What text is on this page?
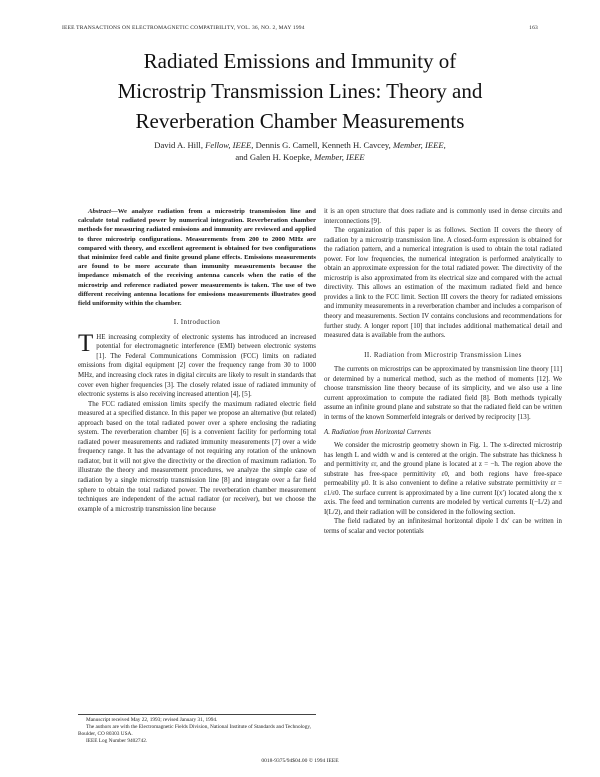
IEEE TRANSACTIONS ON ELECTROMAGNETIC COMPATIBILITY, VOL. 36, NO. 2, MAY 1994	163
Radiated Emissions and Immunity of
Microstrip Transmission Lines: Theory and
Reverberation Chamber Measurements
David A. Hill, Fellow, IEEE, Dennis G. Camell, Kenneth H. Cavcey, Member, IEEE,
and Galen H. Koepke, Member, IEEE

Abstract—We analyze radiation from a microstrip transmission line and calculate total radiated power by numerical integration. Reverberation chamber methods for measuring radiated emissions and immunity are reviewed and applied to three microstrip configurations. Measurements from 200 to 2000 MHz are compared with theory, and excellent agreement is obtained for two configurations that minimize feed cable and finite ground plane effects. Emissions measurements are found to be more accurate than immunity measurements because the impedance mismatch of the receiving antenna cancels when the ratio of the microstrip and reference radiated power measurements is taken. The use of two different receiving antenna locations for emissions measurements illustrates good field uniformity within the chamber.

I. Introduction

THE increasing complexity of electronic systems has introduced an increased potential for electromagnetic interference (EMI) between electronic systems [1]. The Federal Communications Commission (FCC) limits on radiated emissions from digital equipment [2] cover the frequency range from 30 to 1000 MHz, and increasing clock rates in digital circuits are likely to result in standards that cover even higher frequencies [3]. The closely related issue of radiated immunity of electronic systems is also receiving increased attention [4], [5].

The FCC radiated emission limits specify the maximum radiated electric field measured at a specified distance. In this paper we propose an alternative (but related) approach based on the total radiated power over a sphere enclosing the radiating system. The reverberation chamber [6] is a convenient facility for performing total radiated power measurements and radiated immunity measurements [7] over a wide frequency range. It has the advantage of not requiring any rotation of the unknown radiator, but it will not give the directivity or the direction of maximum radiation. To illustrate the theory and measurement procedures, we analyze the simple case of radiation by a single microstrip transmission line [8] and integrate over a far field sphere to obtain the total radiated power. The reverberation chamber measurement techniques are independent of the actual radiator (or receiver), but we choose the example of a microstrip transmission line because

it is an open structure that does radiate and is commonly used in dense circuits and interconnections [9].

The organization of this paper is as follows. Section II covers the theory of radiation by a microstrip transmission line. A closed-form expression is obtained for the radiation pattern, and a numerical integration is used to obtain the total radiated power. For low frequencies, the numerical integration is performed analytically to obtain an approximate expression for the total radiated power. The directivity of the microstrip is also approximated from its electrical size and compared with the actual directivity. This allows an estimation of the maximum radiated field and hence provides a link to the FCC limit. Section III covers the theory for radiated emissions and immunity measurements in a reverberation chamber and includes a comparison of theory and measurements. Section IV contains conclusions and recommendations for further study. A longer report [10] that includes additional mathematical detail and measured data is available from the authors.

II. Radiation from Microstrip Transmission Lines

The currents on microstrips can be approximated by transmission line theory [11] or determined by a numerical method, such as the method of moments [12]. We choose transmission line theory because of its simplicity, and we also use a line current approximation to compute the radiated field [8]. Both methods typically assume an infinite ground plane and substrate so that the radiated field can be written in terms of the known Sommerfeld integrals or derived by reciprocity [13].

A. Radiation from Horizontal Currents

We consider the microstrip geometry shown in Fig. 1. The x-directed microstrip has length L and width w and is centered at the origin. The substrate has thickness h and permittivity εr, and the ground plane is located at z = −h. The region above the substrate has free-space permittivity ε0, and both regions have free-space permeability μ0. It is also convenient to define a relative substrate permittivity εr = ε1/ε0. The surface current is approximated by a line current I(x′) located along the x axis. The feed and termination currents are modeled by vertical currents I(−L/2) and I(L/2), and their radiation will be considered in the following section.

The field radiated by an infinitesimal horizontal dipole I dx′ can be written in terms of scalar and vector potentials

Manuscript received May 22, 1993; revised January 31, 1994.
The authors are with the Electromagnetic Fields Division, National Institute of Standards and Technology, Boulder, CO 80303 USA.
IEEE Log Number 9402742.
0018-9375/94$04.00 © 1994 IEEE
